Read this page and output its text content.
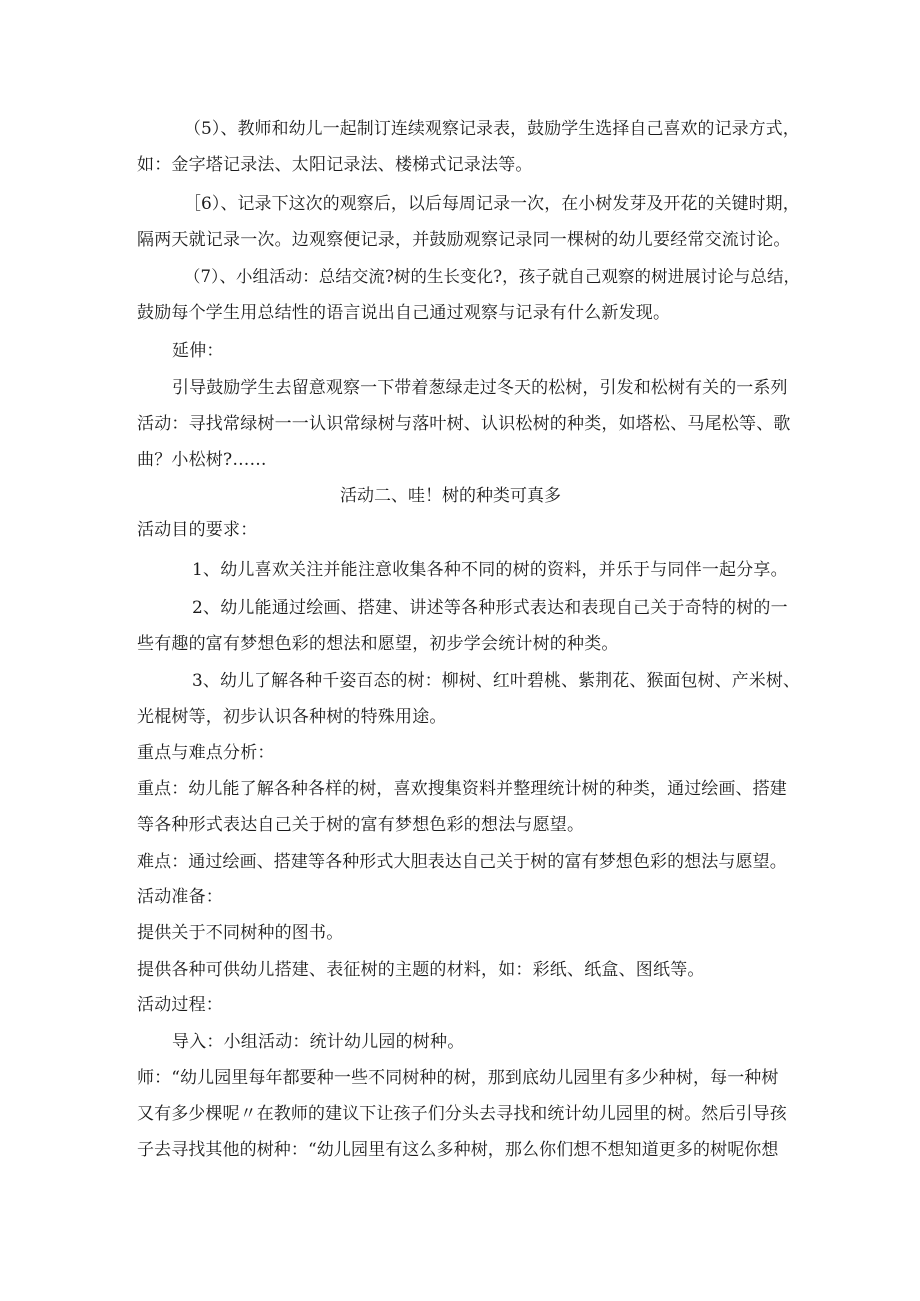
（5）、教师和幼儿一起制订连续观察记录表，鼓励学生选择自己喜欢的记录方式，
如：金字塔记录法、太阳记录法、楼梯式记录法等。
［6）、记录下这次的观察后，以后每周记录一次，在小树发芽及开花的关键时期，
隔两天就记录一次。边观察便记录，并鼓励观察记录同一棵树的幼儿要经常交流讨论。
（7）、小组活动：总结交流?树的生长变化?，孩子就自己观察的树进展讨论与总结，
鼓励每个学生用总结性的语言说出自己通过观察与记录有什么新发现。
延伸：
引导鼓励学生去留意观察一下带着葱绿走过冬天的松树，引发和松树有关的一系列
活动：寻找常绿树一一认识常绿树与落叶树、认识松树的种类，如塔松、马尾松等、歌
曲？小松树?……
活动二、哇！树的种类可真多
活动目的要求：
1、幼儿喜欢关注并能注意收集各种不同的树的资料，并乐于与同伴一起分享。
2、幼儿能通过绘画、搭建、讲述等各种形式表达和表现自己关于奇特的树的一
些有趣的富有梦想色彩的想法和愿望，初步学会统计树的种类。
3、幼儿了解各种千姿百态的树：柳树、红叶碧桃、紫荆花、猴面包树、产米树、
光棍树等，初步认识各种树的特殊用途。
重点与难点分析：
重点：幼儿能了解各种各样的树，喜欢搜集资料并整理统计树的种类，通过绘画、搭建
等各种形式表达自己关于树的富有梦想色彩的想法与愿望。
难点：通过绘画、搭建等各种形式大胆表达自己关于树的富有梦想色彩的想法与愿望。
活动准备：
提供关于不同树种的图书。
提供各种可供幼儿搭建、表征树的主题的材料，如：彩纸、纸盒、图纸等。
活动过程：
导入：小组活动：统计幼儿园的树种。
师：“幼儿园里每年都要种一些不同树种的树，那到底幼儿园里有多少种树，每一种树
又有多少棵呢〃在教师的建议下让孩子们分头去寻找和统计幼儿园里的树。然后引导孩
子去寻找其他的树种：“幼儿园里有这么多种树，那么你们想不想知道更多的树呢你想
